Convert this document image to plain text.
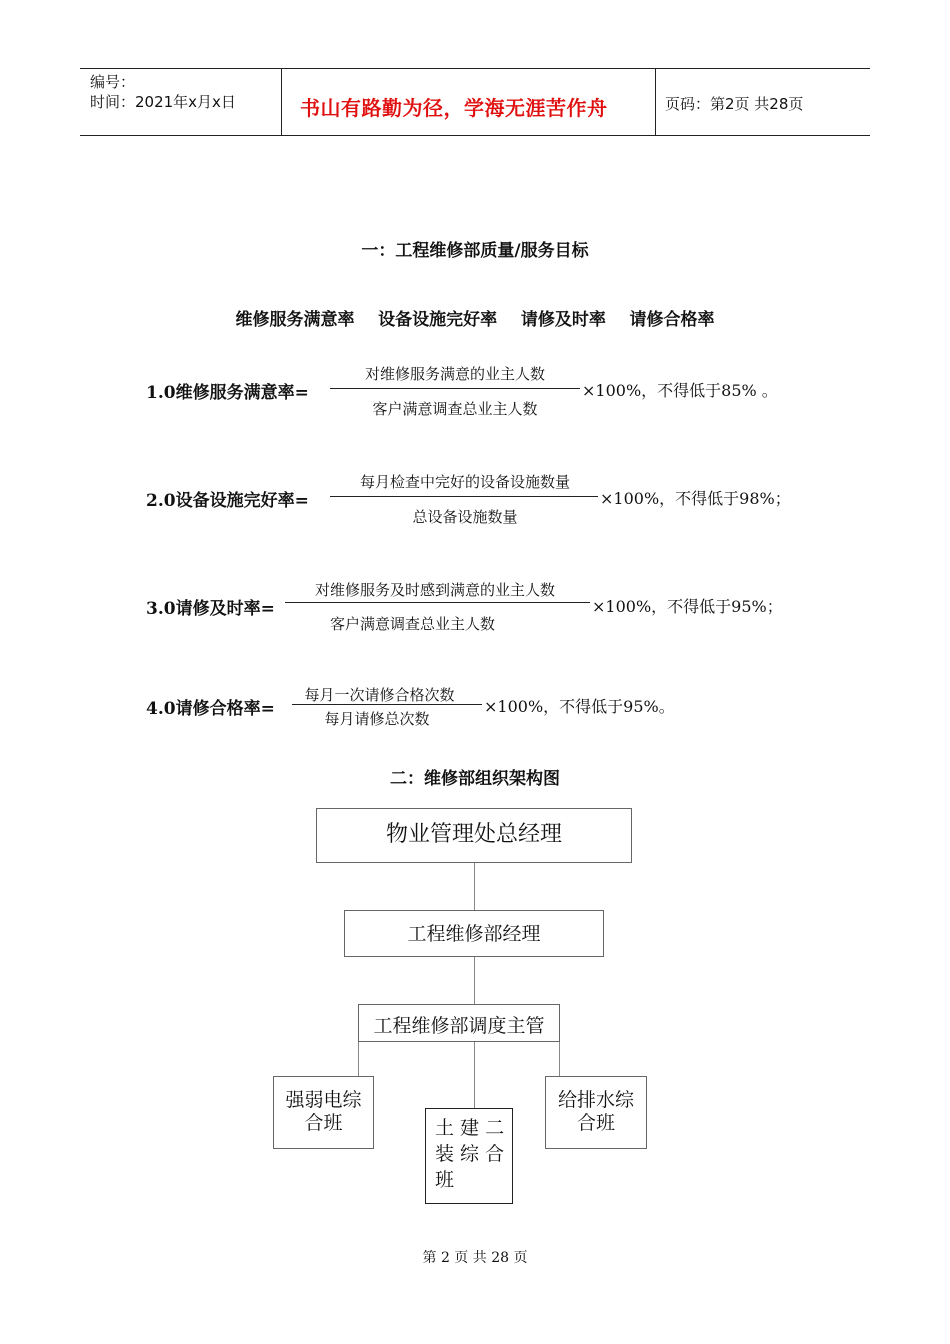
编号：
时间：2021年x月x日	书山有路勤为径，学海无涯苦作舟	页码：第2页 共28页
一：工程维修部质量/服务目标
维修服务满意率    设备设施完好率    请修及时率    请修合格率
1.0维修服务满意率=
对维修服务满意的业主人数
客户满意调查总业主人数
×100%，不得低于85% 。
2.0设备设施完好率=
每月检查中完好的设备设施数量
总设备设施数量
×100%，不得低于98%；
3.0请修及时率=
对维修服务及时感到满意的业主人数
客户满意调查总业主人数
×100%，不得低于95%；
4.0请修合格率=
每月一次请修合格次数
每月请修总次数
×100%，不得低于95%。
二：维修部组织架构图
物业管理处总经理
工程维修部经理
工程维修部调度主管
强弱电综
合班	土 建 二
装 综 合
班
给排水综
合班
第 2 页 共 28 页
